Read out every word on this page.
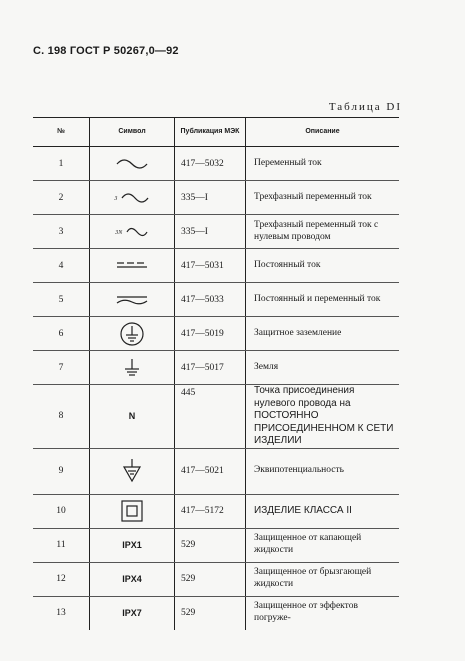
С. 198 ГОСТ Р 50267,0—92
Таблица DI
№	Символ	Публикация МЭК	Описание
1		417—5032	Переменный ток
2	3	335—I	Трехфазный переменный ток
3	3N	335—I	Трехфазный переменный ток с нулевым проводом
4		417—5031	Постоянный ток
5		417—5033	Постоянный и переменный ток
6		417—5019	Защитное заземление
7		417—5017	Земля
8	N	445	Точка присоединения нулевого провода на ПОСТОЯННО ПРИСОЕДИНЕННОМ К СЕТИ ИЗДЕЛИИ
9		417—5021	Эквипотенциальность
10		417—5172	ИЗДЕЛИЕ КЛАССА II
11	IPX1	529	Защищенное от капающей жидкости
12	IPX4	529	Защищенное от брызгающей жидкости
13	IPX7	529	Защищенное от эффектов погруже-
